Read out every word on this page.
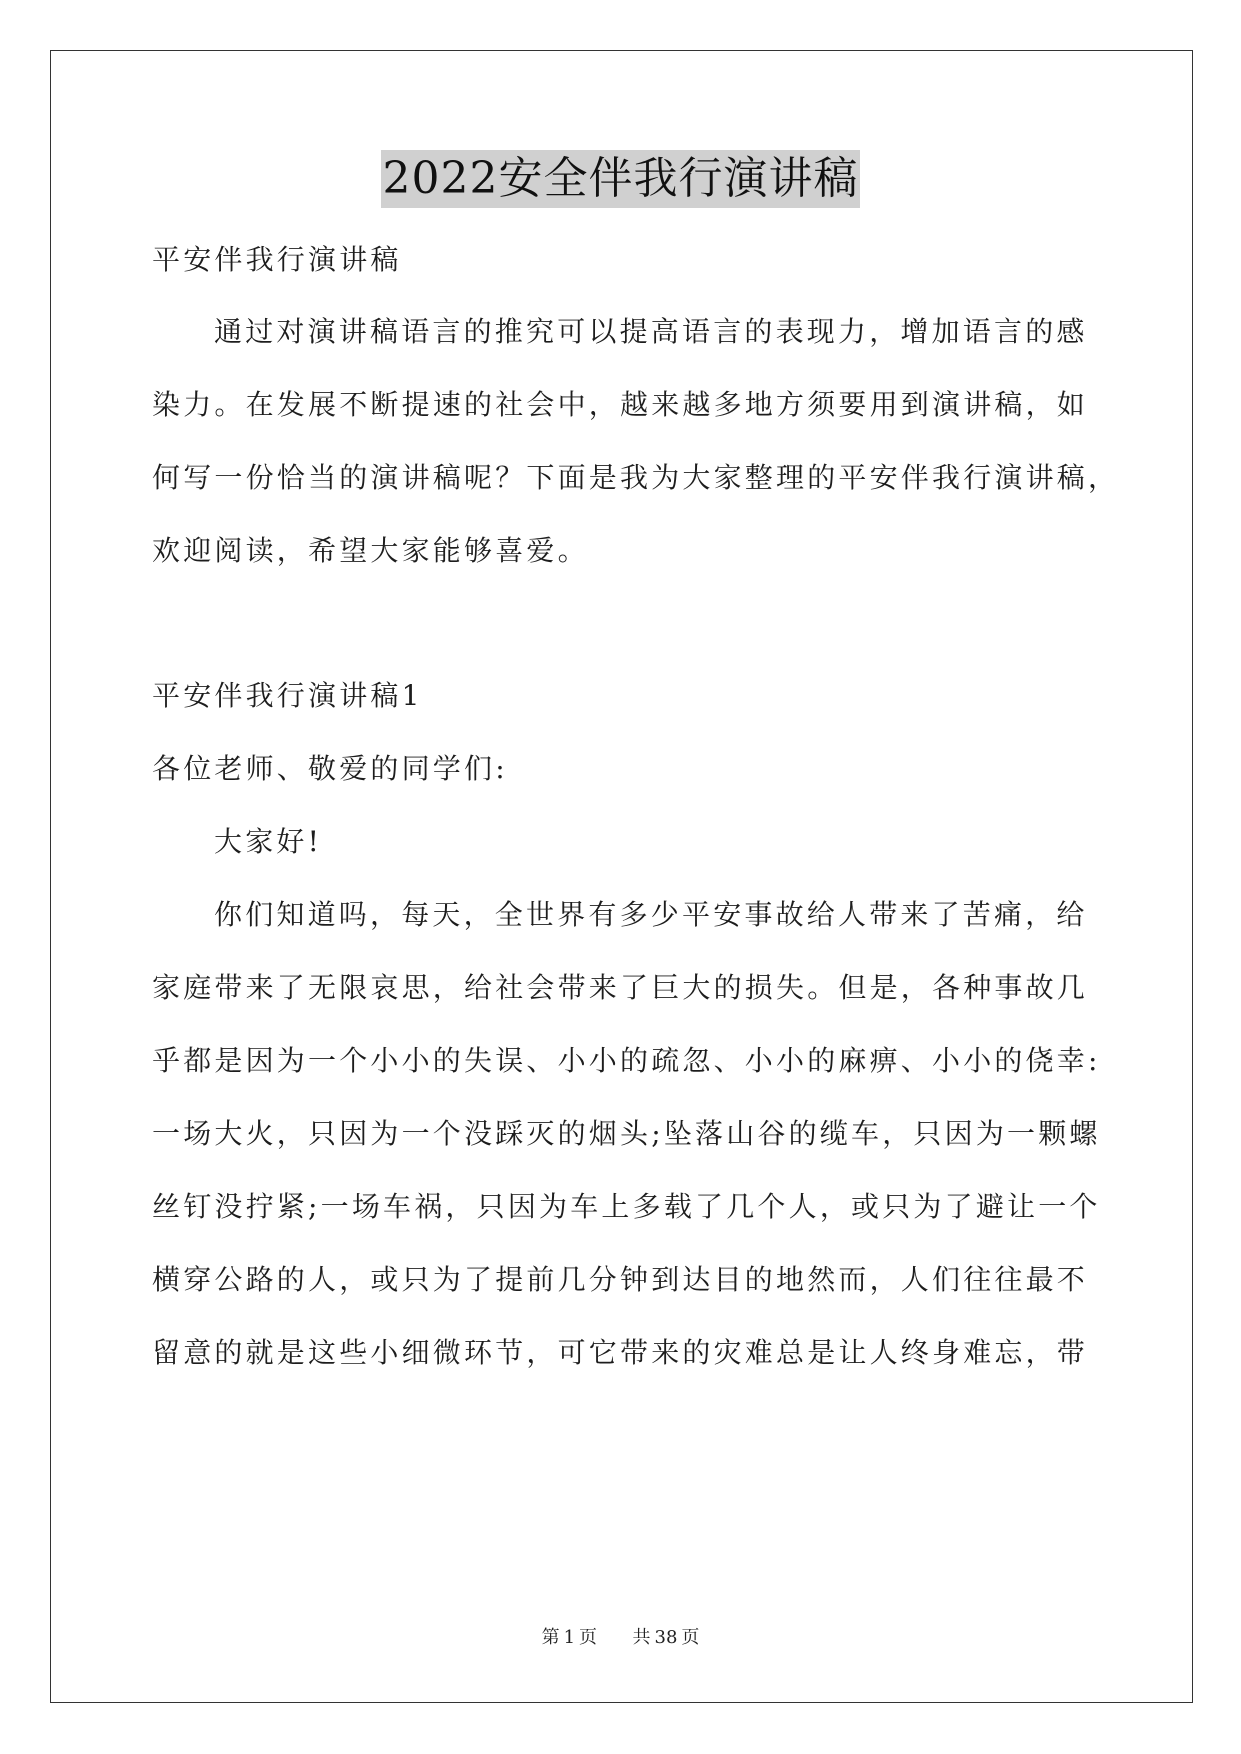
2022安全伴我行演讲稿
平安伴我行演讲稿
通过对演讲稿语言的推究可以提高语言的表现力，增加语言的感
染力。在发展不断提速的社会中，越来越多地方须要用到演讲稿，如
何写一份恰当的演讲稿呢？下面是我为大家整理的平安伴我行演讲稿，
欢迎阅读，希望大家能够喜爱。
平安伴我行演讲稿1
各位老师、敬爱的同学们:
大家好!
你们知道吗，每天，全世界有多少平安事故给人带来了苦痛，给
家庭带来了无限哀思，给社会带来了巨大的损失。但是，各种事故几
乎都是因为一个小小的失误、小小的疏忽、小小的麻痹、小小的侥幸:
一场大火，只因为一个没踩灭的烟头;坠落山谷的缆车，只因为一颗螺
丝钉没拧紧;一场车祸，只因为车上多载了几个人，或只为了避让一个
横穿公路的人，或只为了提前几分钟到达目的地然而，人们往往最不
留意的就是这些小细微环节，可它带来的灾难总是让人终身难忘，带
第 1 页 共 38 页
